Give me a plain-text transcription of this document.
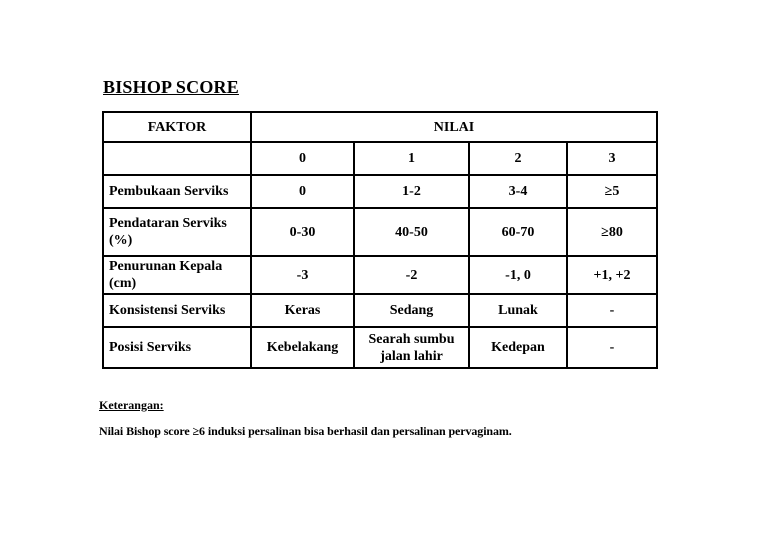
BISHOP SCORE
FAKTOR	NILAI			
	0	1	2	3
Pembukaan Serviks	0	1-2	3-4	≥5
Pendataran Serviks (%)	0-30	40-50	60-70	≥80
Penurunan Kepala (cm)	-3	-2	-1, 0	+1, +2
Konsistensi Serviks	Keras	Sedang	Lunak	-
Posisi Serviks	Kebelakang	Searah sumbu jalan lahir	Kedepan	-
Keterangan:
Nilai Bishop score ≥6 induksi persalinan bisa berhasil dan persalinan pervaginam.
